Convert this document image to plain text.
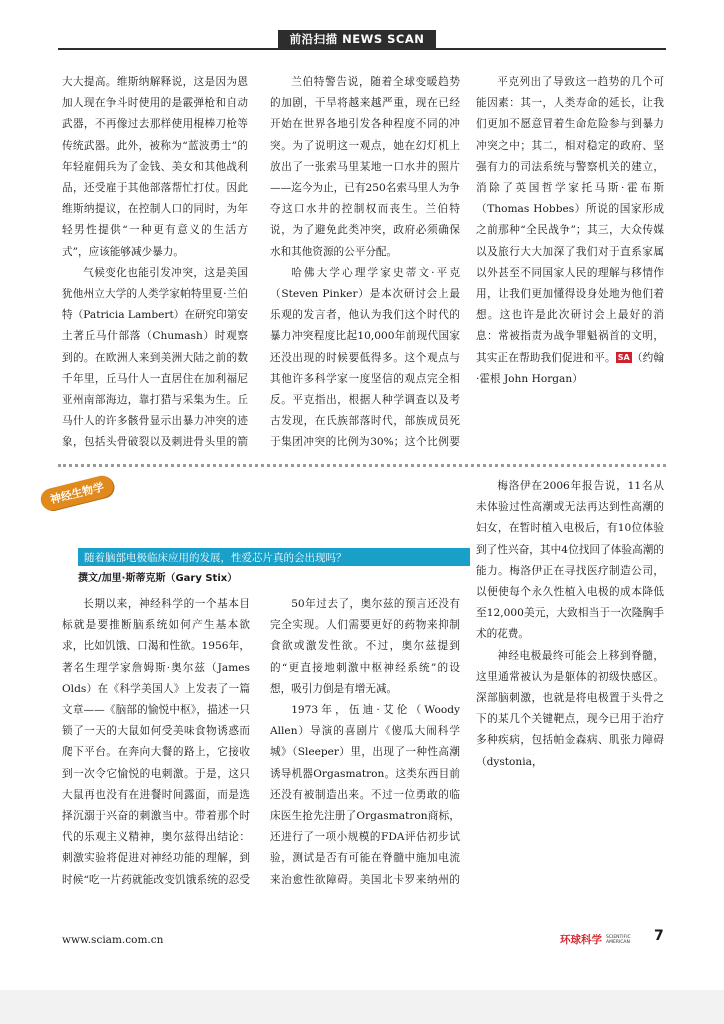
前沿扫描
NEWS SCAN

大大提高。维斯纳解释说，这是因为恩加人现在争斗时使用的是霰弹枪和自动武器，不再像过去那样使用棍棒刀枪等传统武器。此外，被称为“蓝波勇士”的年轻雇佣兵为了金钱、美女和其他战利品，还受雇于其他部落帮忙打仗。因此维斯纳提议，在控制人口的同时，为年轻男性提供“一种更有意义的生活方式”，应该能够减少暴力。

气候变化也能引发冲突，这是美国犹他州立大学的人类学家帕特里夏·兰伯特（Patricia Lambert）在研究印第安土著丘马什部落（Chumash）时观察到的。在欧洲人来到美洲大陆之前的数千年里，丘马什人一直居住在加利福尼亚州南部海边，靠打猎与采集为生。丘马什人的许多骸骨显示出暴力冲突的迹象，包括头骨破裂以及刺进骨头里的箭

兰伯特警告说，随着全球变暖趋势的加剧，干旱将越来越严重，现在已经开始在世界各地引发各种程度不同的冲突。为了说明这一观点，她在幻灯机上放出了一张索马里某地一口水井的照片——迄今为止，已有250名索马里人为争夺这口水井的控制权而丧生。兰伯特说，为了避免此类冲突，政府必须确保水和其他资源的公平分配。

哈佛大学心理学家史蒂文·平克（Steven Pinker）是本次研讨会上最乐观的发言者，他认为我们这个时代的暴力冲突程度比起10,000年前现代国家还没出现的时候要低得多。这个观点与其他许多科学家一度坚信的观点完全相反。平克指出，根据人种学调查以及考古发现，在氏族部落时代，部族成员死于集团冲突的比例为30%；这个比例要

平克列出了导致这一趋势的几个可能因素：其一，人类寿命的延长，让我们更加不愿意冒着生命危险参与到暴力冲突之中；其二，相对稳定的政府、坚强有力的司法系统与警察机关的建立，消除了英国哲学家托马斯·霍布斯（Thomas Hobbes）所说的国家形成之前那种“全民战争”；其三，大众传媒以及旅行大大加深了我们对于直系家属以外甚至不同国家人民的理解与移情作用，让我们更加懂得设身处地为他们着想。这也许是此次研讨会上最好的消息：常被指责为战争罪魁祸首的文明，其实正在帮助我们促进和平。 SA （约翰·霍根 John Horgan）

神经生物学
随着脑部电极临床应用的发展，性爱芯片真的会出现吗？
撰文/加里·斯蒂克斯（Gary Stix）

长期以来，神经科学的一个基本目标就是要推断脑系统如何产生基本欲求，比如饥饿、口渴和性欲。1956年，著名生理学家詹姆斯·奥尔兹（James Olds）在《科学美国人》上发表了一篇文章——《脑部的愉悦中枢》，描述一只锁了一天的大鼠如何受美味食物诱惑而爬下平台。在奔向大餐的路上，它接收到一次令它愉悦的电刺激。于是，这只大鼠再也没有在进餐时间露面，而是选择沉溺于兴奋的刺激当中。带着那个时代的乐观主义精神，奥尔兹得出结论：刺激实验将促进对神经功能的理解，到时候“吃一片药就能改变饥饿系统的忍受

50年过去了，奥尔兹的预言还没有完全实现。人们需要更好的药物来抑制食欲或激发性欲。不过，奥尔兹提到的“更直接地刺激中枢神经系统”的设想，吸引力倒是有增无减。

1973年，伍迪·艾伦（Woody Allen）导演的喜剧片《傻瓜大闹科学城》（Sleeper）里，出现了一种性高潮诱导机器Orgasmatron。这类东西目前还没有被制造出来。不过一位勇敢的临床医生抢先注册了Orgasmatron商标，还进行了一项小规模的FDA评估初步试验，测试是否有可能在脊髓中施加电流来治愈性欲障碍。美国北卡罗来纳州的

梅洛伊在2006年报告说，11名从未体验过性高潮或无法再达到性高潮的妇女，在暂时植入电极后，有10位体验到了性兴奋，其中4位找回了体验高潮的能力。梅洛伊正在寻找医疗制造公司，以便使每个永久性植入电极的成本降低至12,000美元，大致相当于一次隆胸手术的花费。

神经电极最终可能会上移到脊髓，这里通常被认为是躯体的初级快感区。深部脑刺激，也就是将电极置于头骨之下的某几个关键靶点，现今已用于治疗多种疾病，包括帕金森病、肌张力障碍（dystonia，

www.sciam.com.cn	环球科学 SCIENTIFIC AMERICAN 7
